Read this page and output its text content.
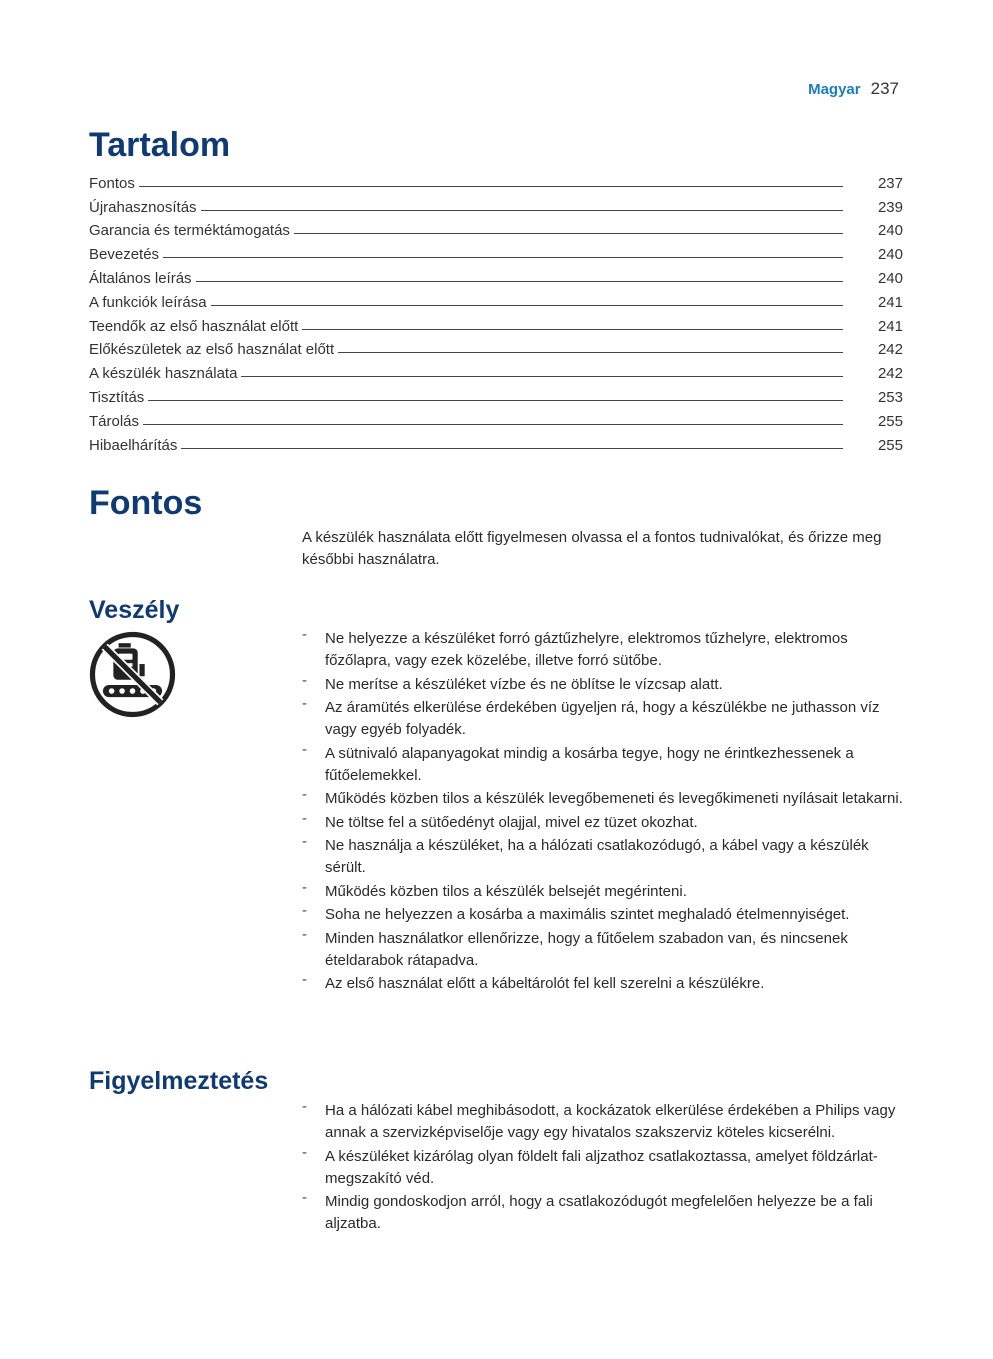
Magyar 237
Tartalom
Fontos	237
Újrahasznosítás	239
Garancia és terméktámogatás	240
Bevezetés	240
Általános leírás	240
A funkciók leírása	241
Teendők az első használat előtt	241
Előkészületek az első használat előtt	242
A készülék használata	242
Tisztítás	253
Tárolás	255
Hibaelhárítás	255
Fontos

A készülék használata előtt figyelmesen olvassa el a fontos tudnivalókat, és őrizze meg későbbi használatra.

Veszély
- Ne helyezze a készüléket forró gáztűzhelyre, elektromos tűzhelyre, elektromos főzőlapra, vagy ezek közelébe, illetve forró sütőbe.
- Ne merítse a készüléket vízbe és ne öblítse le vízcsap alatt.
- Az áramütés elkerülése érdekében ügyeljen rá, hogy a készülékbe ne juthasson víz vagy egyéb folyadék.
- A sütnivaló alapanyagokat mindig a kosárba tegye, hogy ne érintkezhessenek a fűtőelemekkel.
- Működés közben tilos a készülék levegőbemeneti és levegőkimeneti nyílásait letakarni.
- Ne töltse fel a sütőedényt olajjal, mivel ez tüzet okozhat.
- Ne használja a készüléket, ha a hálózati csatlakozódugó, a kábel vagy a készülék sérült.
- Működés közben tilos a készülék belsejét megérinteni.
- Soha ne helyezzen a kosárba a maximális szintet meghaladó ételmennyiséget.
- Minden használatkor ellenőrizze, hogy a fűtőelem szabadon van, és nincsenek ételdarabok rátapadva.
- Az első használat előtt a kábeltárolót fel kell szerelni a készülékre.
Figyelmeztetés
- Ha a hálózati kábel meghibásodott, a kockázatok elkerülése érdekében a Philips vagy annak a szervizképviselője vagy egy hivatalos szakszerviz köteles kicserélni.
- A készüléket kizárólag olyan földelt fali aljzathoz csatlakoztassa, amelyet földzárlat-megszakító véd.
- Mindig gondoskodjon arról, hogy a csatlakozódugót megfelelően helyezze be a fali aljzatba.
